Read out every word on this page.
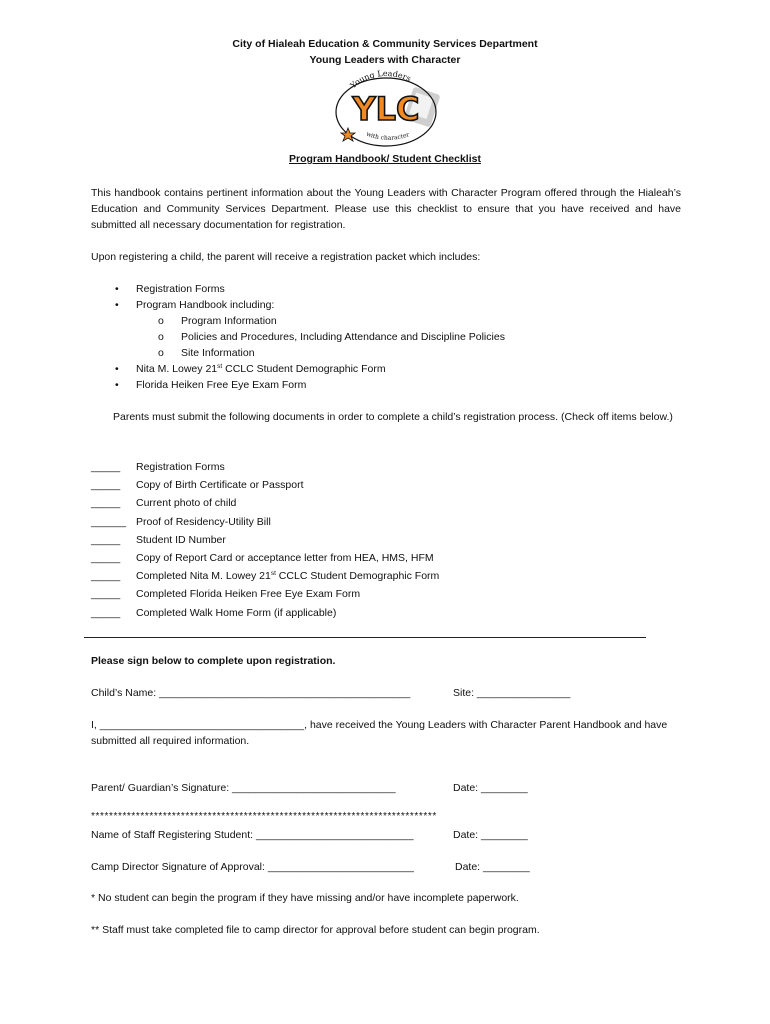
City of Hialeah Education & Community Services Department
Young Leaders with Character
Young Leaders
YLC
with character
Program Handbook/ Student Checklist
This handbook contains pertinent information about the Young Leaders with Character Program offered through the Hialeah’s Education and Community Services Department. Please use this checklist to ensure that you have received and have submitted all necessary documentation for registration.
Upon registering a child, the parent will receive a registration packet which includes:
• Registration Forms
• Program Handbook including:
o Program Information
o Policies and Procedures, Including Attendance and Discipline Policies
o Site Information
• Nita M. Lowey 21st CCLC Student Demographic Form
• Florida Heiken Free Eye Exam Form
Parents must submit the following documents in order to complete a child’s registration process. (Check off items below.)
_____ Registration Forms
_____ Copy of Birth Certificate or Passport
_____ Current photo of child
______ Proof of Residency-Utility Bill
_____ Student ID Number
_____ Copy of Report Card or acceptance letter from HEA, HMS, HFM
_____ Completed Nita M. Lowey 21st CCLC Student Demographic Form
_____ Completed Florida Heiken Free Eye Exam Form
_____ Completed Walk Home Form (if applicable)
Please sign below to complete upon registration.
Child’s Name: ___________________________________________	Site: ________________
I, ___________________________________, have received the Young Leaders with Character Parent Handbook and have
submitted all required information.
Parent/ Guardian’s Signature: ____________________________	Date: ________
*****************************************************************************
Name of Staff Registering Student: ___________________________	Date: ________
Camp Director Signature of Approval: _________________________	Date: ________
* No student can begin the program if they have missing and/or have incomplete paperwork.
** Staff must take completed file to camp director for approval before student can begin program.
